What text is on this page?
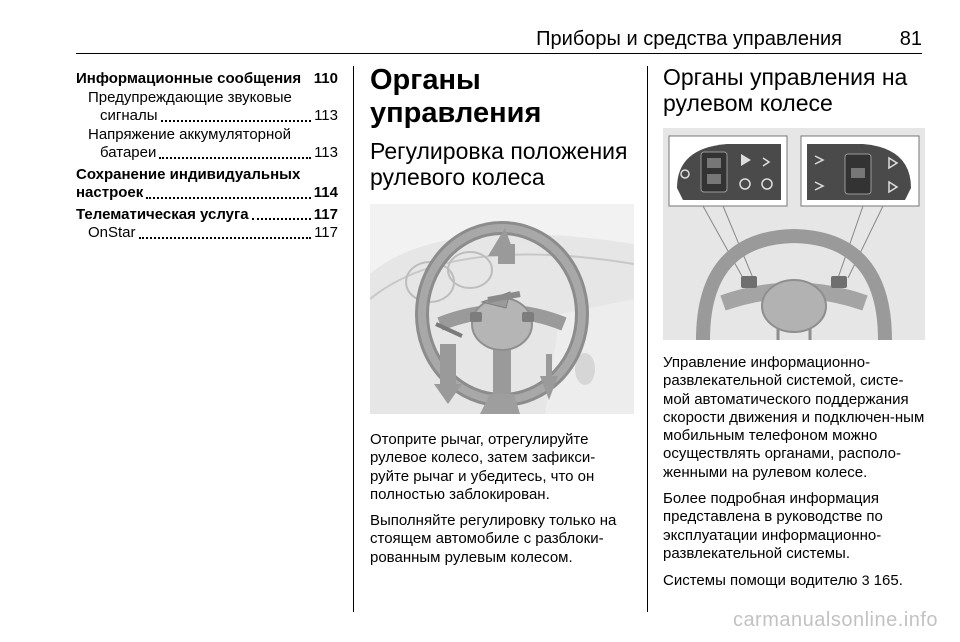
Приборы и средства управления	81
Информационные сообщения 110
Предупреждающие звуковые
сигналы	113
Напряжение аккумуляторной
батареи	113
Сохранение индивидуальных
настроек	114
Телематическая услуга	117
OnStar	117
Органы управления
Регулировка положения
рулевого колеса

Отоприте рычаг, отрегулируйте рулевое колесо, затем зафикси-руйте рычаг и убедитесь, что он полностью заблокирован.

Выполняйте регулировку только на стоящем автомобиле с разблоки-рованным рулевым колесом.

Органы управления на
рулевом колесе

Управление информационно-развлекательной системой, систе-мой автоматического поддержания скорости движения и подключен-ным мобильным телефоном можно осуществлять органами, располо-женными на рулевом колесе.

Более подробная информация представлена в руководстве по эксплуатации информационно-развлекательной системы.

Системы помощи водителю 3 165.

carmanualsonline.info
